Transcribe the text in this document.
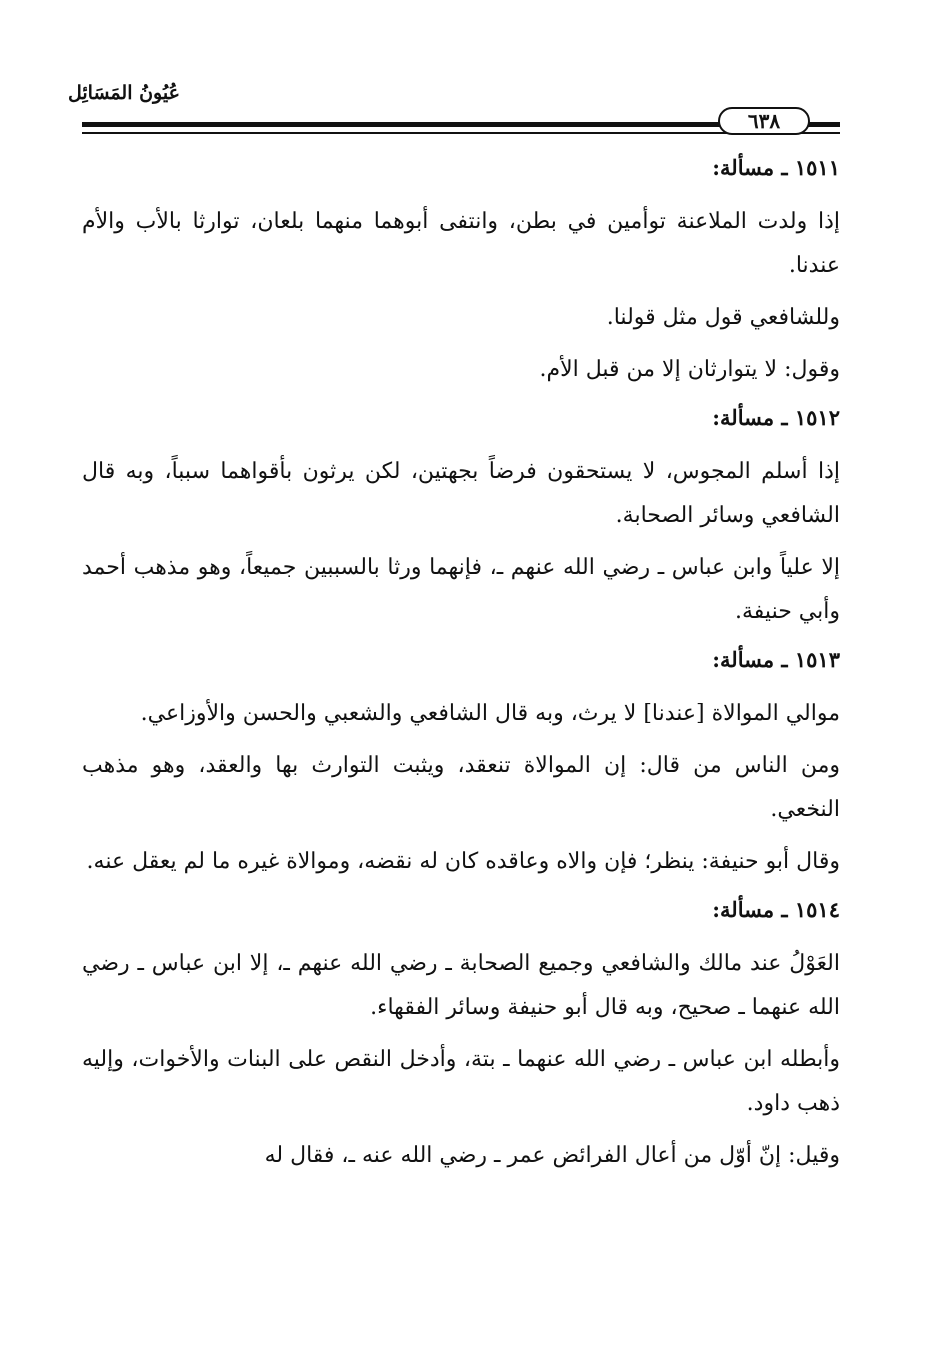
عُيُونُ المَسَائِل
٦٣٨
١٥١١ ـ مسألة:

إذا ولدت الملاعنة توأمين في بطن، وانتفى أبوهما منهما بلعان، توارثا بالأب والأم عندنا.

وللشافعي قول مثل قولنا.

وقول: لا يتوارثان إلا من قبل الأم.

١٥١٢ ـ مسألة:

إذا أسلم المجوس، لا يستحقون فرضاً بجهتين، لكن يرثون بأقواهما سبباً، وبه قال الشافعي وسائر الصحابة.

إلا علياً وابن عباس ـ رضي الله عنهم ـ، فإنهما ورثا بالسببين جميعاً، وهو مذهب أحمد وأبي حنيفة.

١٥١٣ ـ مسألة:

موالي الموالاة [عندنا] لا يرث، وبه قال الشافعي والشعبي والحسن والأوزاعي.

ومن الناس من قال: إن الموالاة تنعقد، ويثبت التوارث بها والعقد، وهو مذهب النخعي.

وقال أبو حنيفة: ينظر؛ فإن والاه وعاقده كان له نقضه، وموالاة غيره ما لم يعقل عنه.

١٥١٤ ـ مسألة:

العَوْلُ عند مالك والشافعي وجميع الصحابة ـ رضي الله عنهم ـ، إلا ابن عباس ـ رضي الله عنهما ـ صحيح، وبه قال أبو حنيفة وسائر الفقهاء.

وأبطله ابن عباس ـ رضي الله عنهما ـ بتة، وأدخل النقص على البنات والأخوات، وإليه ذهب داود.

وقيل: إنّ أوّل من أعال الفرائض عمر ـ رضي الله عنه ـ، فقال له
